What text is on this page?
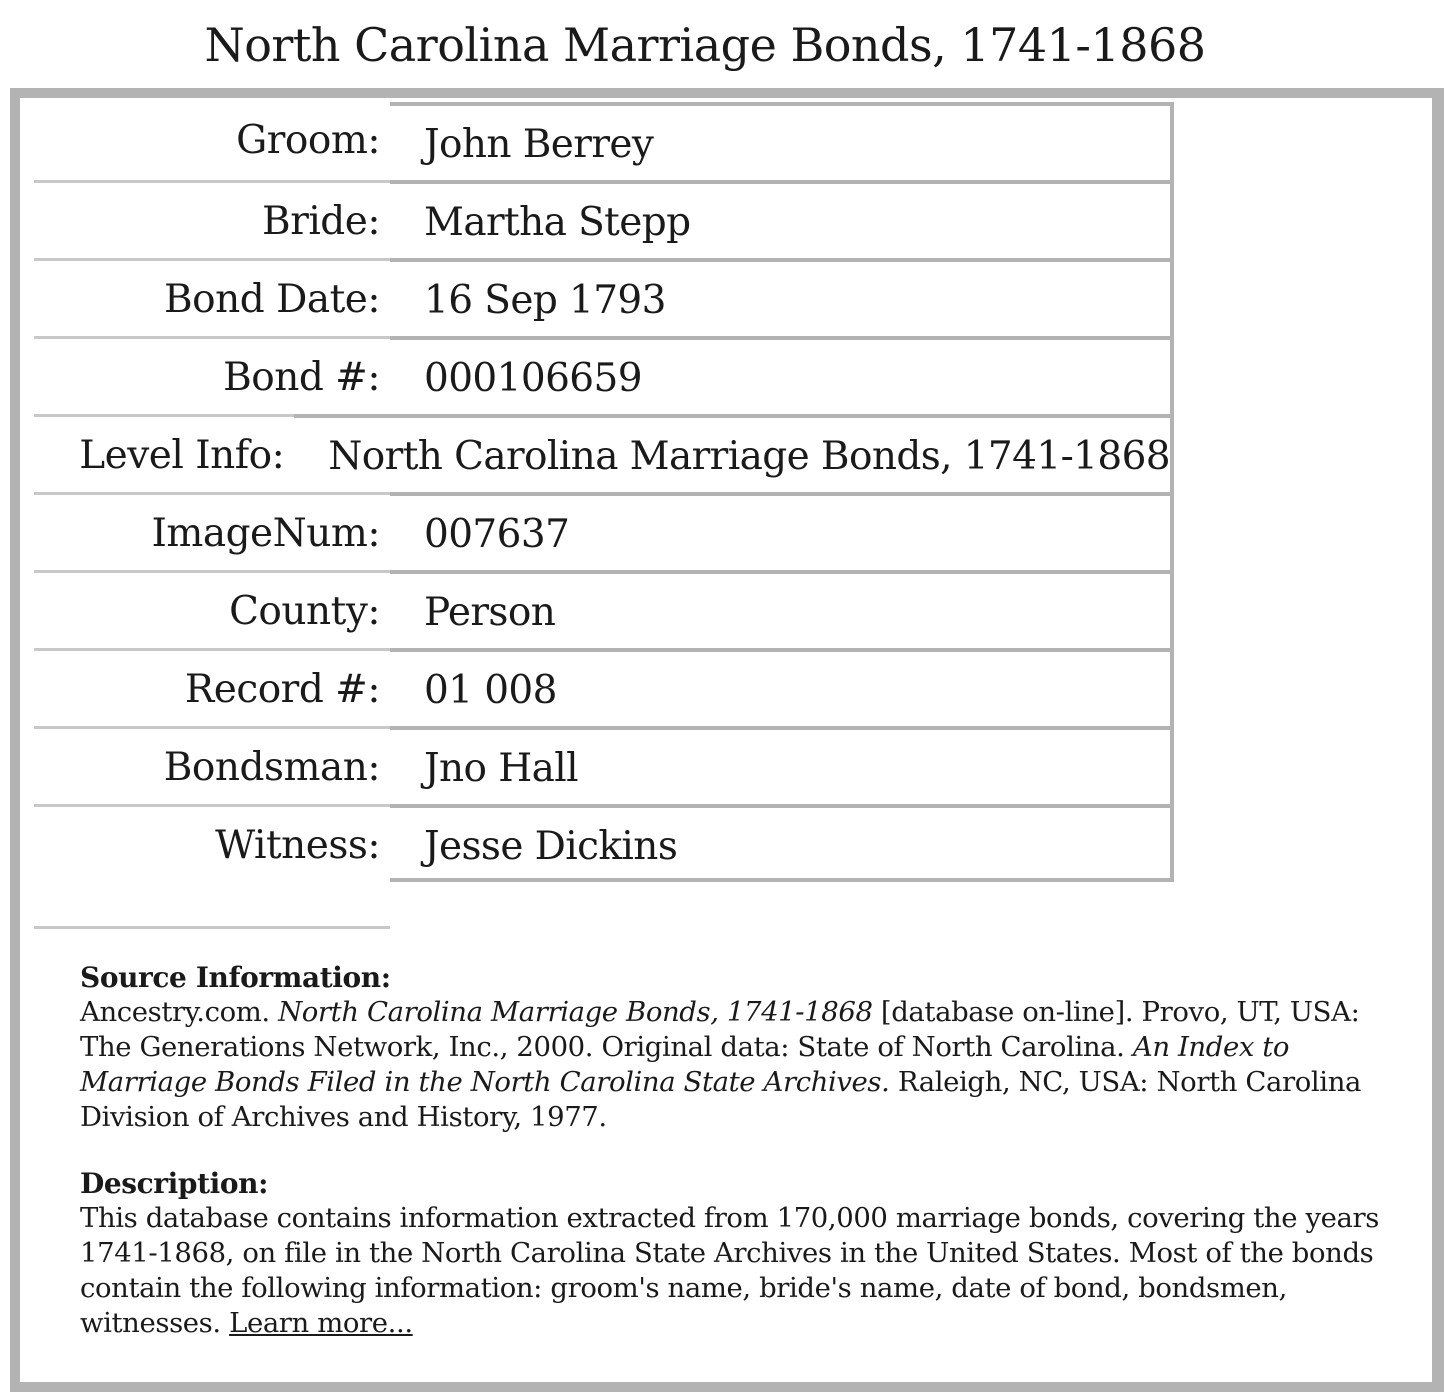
North Carolina Marriage Bonds, 1741-1868
Groom:	John Berrey
Bride:	Martha Stepp
Bond Date:	16 Sep 1793
Bond #:	000106659
Level Info:	North Carolina Marriage Bonds, 1741-1868
ImageNum:	007637
County:	Person
Record #:	01 008
Bondsman:	Jno Hall
Witness:	Jesse Dickins
Source Information:
Ancestry.com. North Carolina Marriage Bonds, 1741-1868 [database on-line]. Provo, UT, USA: The Generations Network, Inc., 2000. Original data: State of North Carolina. An Index to Marriage Bonds Filed in the North Carolina State Archives. Raleigh, NC, USA: North Carolina Division of Archives and History, 1977.
Description:
This database contains information extracted from 170,000 marriage bonds, covering the years 1741-1868, on file in the North Carolina State Archives in the United States. Most of the bonds contain the following information: groom's name, bride's name, date of bond, bondsmen, witnesses. Learn more...
